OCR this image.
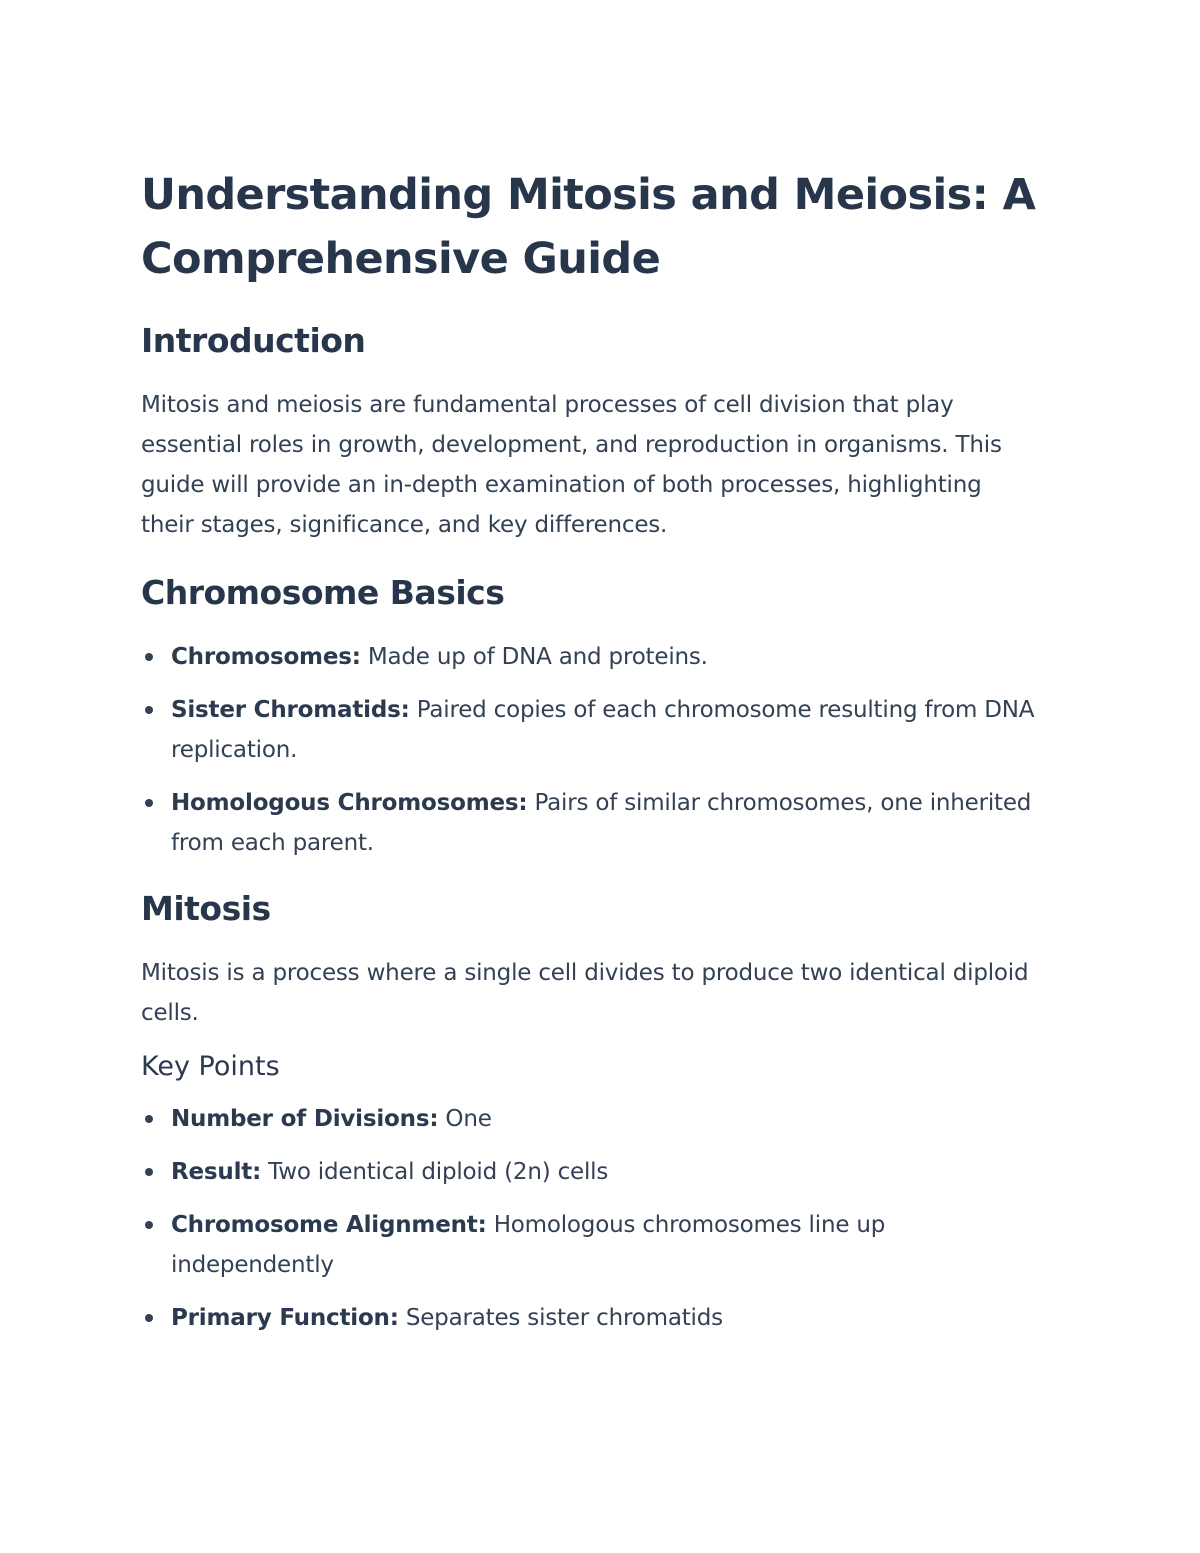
Understanding Mitosis and Meiosis: A Comprehensive Guide
Introduction

Mitosis and meiosis are fundamental processes of cell division that play essential roles in growth, development, and reproduction in organisms. This guide will provide an in-depth examination of both processes, highlighting their stages, significance, and key differences.

Chromosome Basics
Chromosomes: Made up of DNA and proteins.
Sister Chromatids: Paired copies of each chromosome resulting from DNA replication.
Homologous Chromosomes: Pairs of similar chromosomes, one inherited from each parent.
Mitosis

Mitosis is a process where a single cell divides to produce two identical diploid cells.

Key Points
Number of Divisions: One
Result: Two identical diploid (2n) cells
Chromosome Alignment: Homologous chromosomes line up independently
Primary Function: Separates sister chromatids
